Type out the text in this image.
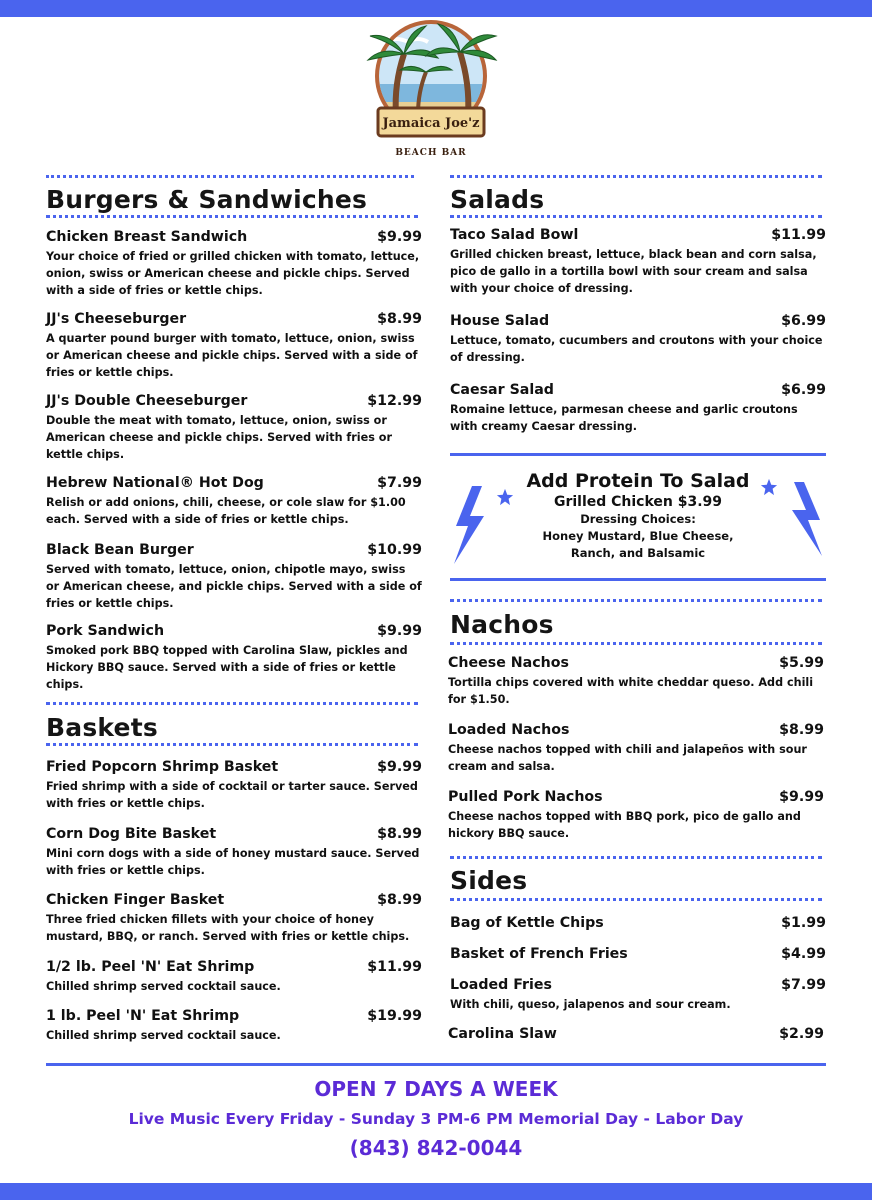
Jamaica Joe'z
BEACH BAR
Burgers & Sandwiches
Chicken Breast Sandwich	$9.99
Your choice of fried or grilled chicken with tomato, lettuce, onion, swiss or American cheese and pickle chips. Served with a side of fries or kettle chips.
JJ's Cheeseburger	$8.99
A quarter pound burger with tomato, lettuce, onion, swiss or American cheese and pickle chips. Served with a side of fries or kettle chips.
JJ's Double Cheeseburger	$12.99
Double the meat with tomato, lettuce, onion, swiss or American cheese and pickle chips. Served with fries or kettle chips.
Hebrew National® Hot Dog	$7.99
Relish or add onions, chili, cheese, or cole slaw for $1.00 each. Served with a side of fries or kettle chips.
Black Bean Burger	$10.99
Served with tomato, lettuce, onion, chipotle mayo, swiss or American cheese, and pickle chips. Served with a side of fries or kettle chips.
Pork Sandwich	$9.99
Smoked pork BBQ topped with Carolina Slaw, pickles and Hickory BBQ sauce. Served with a side of fries or kettle chips.
Baskets
Fried Popcorn Shrimp Basket	$9.99
Fried shrimp with a side of cocktail or tarter sauce. Served with fries or kettle chips.
Corn Dog Bite Basket	$8.99
Mini corn dogs with a side of honey mustard sauce. Served with fries or kettle chips.
Chicken Finger Basket	$8.99
Three fried chicken fillets with your choice of honey mustard, BBQ, or ranch. Served with fries or kettle chips.
1/2 lb. Peel 'N' Eat Shrimp	$11.99
Chilled shrimp served cocktail sauce.
1 lb. Peel 'N' Eat Shrimp	$19.99
Chilled shrimp served cocktail sauce.
Salads
Taco Salad Bowl	$11.99
Grilled chicken breast, lettuce, black bean and corn salsa, pico de gallo in a tortilla bowl with sour cream and salsa with your choice of dressing.
House Salad	$6.99
Lettuce, tomato, cucumbers and croutons with your choice of dressing.
Caesar Salad	$6.99
Romaine lettuce, parmesan cheese and garlic croutons with creamy Caesar dressing.
Add Protein To Salad
Grilled Chicken $3.99
Dressing Choices:
Honey Mustard, Blue Cheese,
Ranch, and Balsamic
Nachos
Cheese Nachos	$5.99
Tortilla chips covered with white cheddar queso. Add chili for $1.50.
Loaded Nachos	$8.99
Cheese nachos topped with chili and jalapeños with sour cream and salsa.
Pulled Pork Nachos	$9.99
Cheese nachos topped with BBQ pork, pico de gallo and hickory BBQ sauce.
Sides
Bag of Kettle Chips	$1.99
Basket of French Fries	$4.99
Loaded Fries	$7.99
With chili, queso, jalapenos and sour cream.
Carolina Slaw	$2.99
OPEN 7 DAYS A WEEK
Live Music Every Friday - Sunday 3 PM-6 PM Memorial Day - Labor Day
(843) 842-0044
